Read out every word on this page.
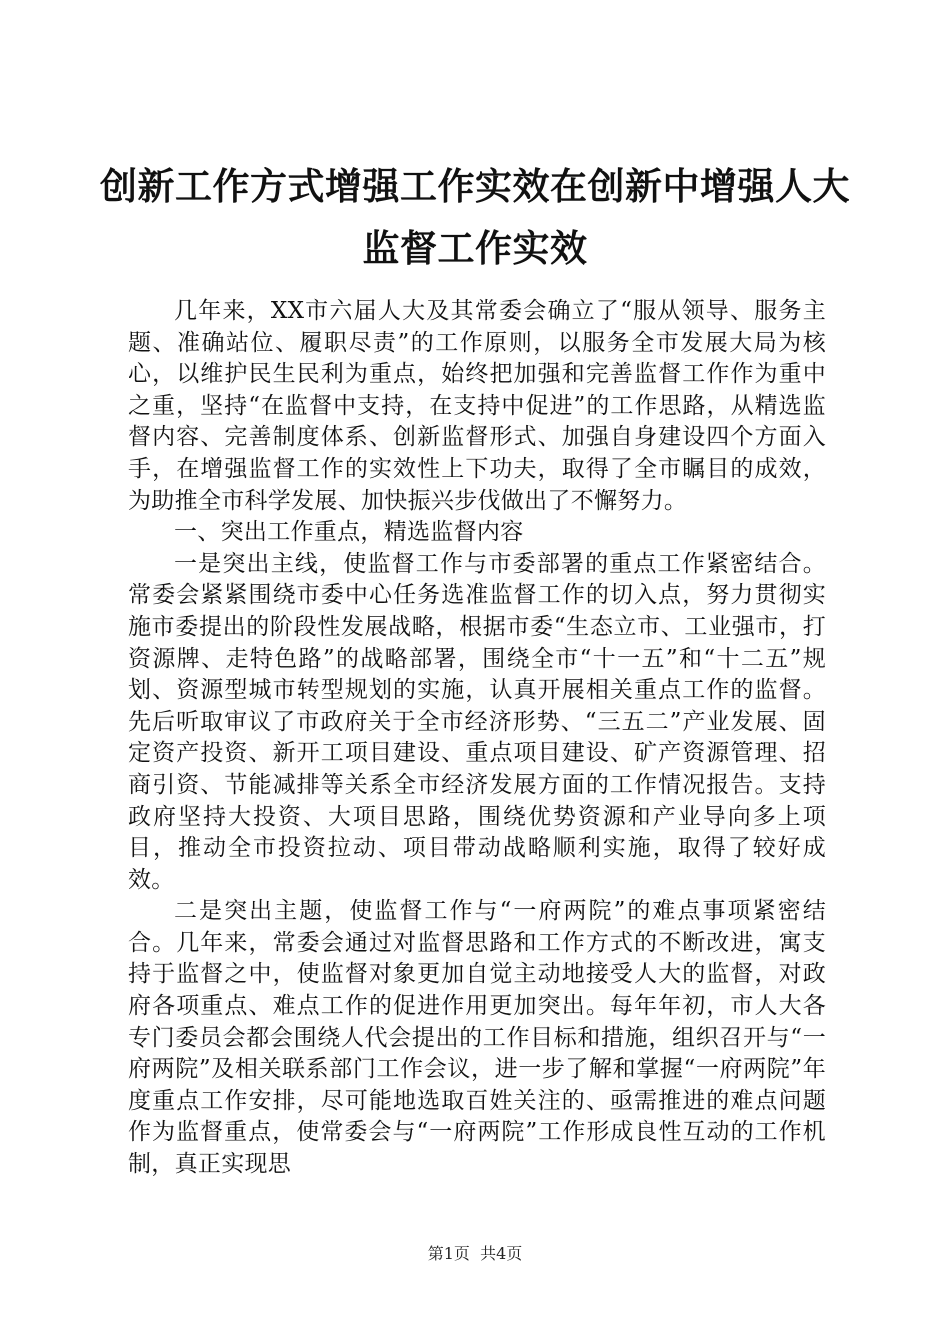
创新工作方式增强工作实效在创新中增强人大
监督工作实效

几年来，XX市六届人大及其常委会确立了“服从领导、服务主题、准确站位、履职尽责”的工作原则，以服务全市发展大局为核心，以维护民生民利为重点，始终把加强和完善监督工作作为重中之重，坚持“在监督中支持，在支持中促进”的工作思路，从精选监督内容、完善制度体系、创新监督形式、加强自身建设四个方面入手，在增强监督工作的实效性上下功夫，取得了全市瞩目的成效，为助推全市科学发展、加快振兴步伐做出了不懈努力。

一、突出工作重点，精选监督内容

一是突出主线，使监督工作与市委部署的重点工作紧密结合。常委会紧紧围绕市委中心任务选准监督工作的切入点，努力贯彻实施市委提出的阶段性发展战略，根据市委“生态立市、工业强市，打资源牌、走特色路”的战略部署，围绕全市“十一五”和“十二五”规划、资源型城市转型规划的实施，认真开展相关重点工作的监督。先后听取审议了市政府关于全市经济形势、“三五二”产业发展、固定资产投资、新开工项目建设、重点项目建设、矿产资源管理、招商引资、节能减排等关系全市经济发展方面的工作情况报告。支持政府坚持大投资、大项目思路，围绕优势资源和产业导向多上项目，推动全市投资拉动、项目带动战略顺利实施，取得了较好成效。

二是突出主题，使监督工作与“一府两院”的难点事项紧密结合。几年来，常委会通过对监督思路和工作方式的不断改进，寓支持于监督之中，使监督对象更加自觉主动地接受人大的监督，对政府各项重点、难点工作的促进作用更加突出。每年年初，市人大各专门委员会都会围绕人代会提出的工作目标和措施，组织召开与“一府两院”及相关联系部门工作会议，进一步了解和掌握“一府两院”年度重点工作安排，尽可能地选取百姓关注的、亟需推进的难点问题作为监督重点，使常委会与“一府两院”工作形成良性互动的工作机制，真正实现思

第1页  共4页
